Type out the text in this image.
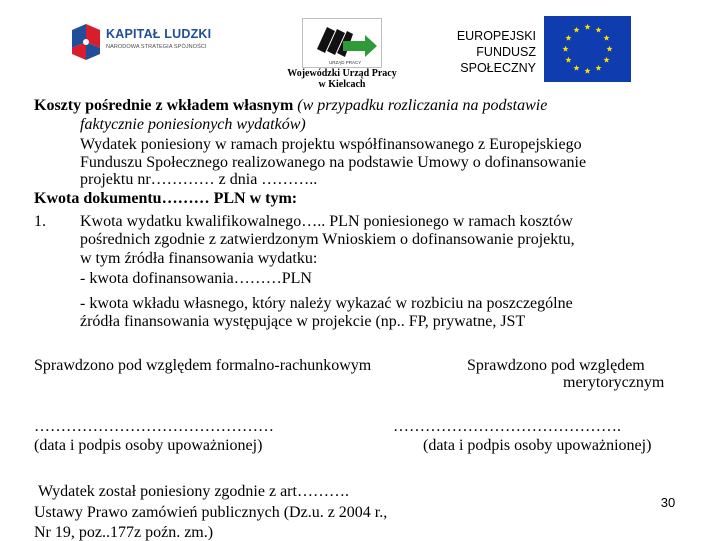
KAPITAŁ LUDZKI
NARODOWA STRATEGIA SPÓJNOŚCI
URZĄD PRACY
Wojewódzki Urząd Pracy
w Kielcach
EUROPEJSKI
FUNDUSZ
SPOŁECZNY
Koszty pośrednie z wkładem własnym (w przypadku rozliczania na podstawie
faktycznie poniesionych wydatków)
Wydatek poniesiony w ramach projektu współfinansowanego z Europejskiego
Funduszu Społecznego realizowanego na podstawie Umowy o dofinansowanie
projektu nr………… z dnia ………..
Kwota dokumentu……… PLN w tym:
1. Kwota wydatku kwalifikowalnego….. PLN poniesionego w ramach kosztów
pośrednich zgodnie z zatwierdzonym Wnioskiem o dofinansowanie projektu,
w tym źródła finansowania wydatku:
- kwota dofinansowania………PLN
- kwota wkładu własnego, który należy wykazać w rozbiciu na poszczególne
źródła finansowania występujące w projekcie (np.. FP, prywatne, JST
Sprawdzono pod względem formalno-rachunkowym	Sprawdzono pod względem
merytorycznym
………………………………………	…………………………………….
(data i podpis osoby upoważnionej)	(data i podpis osoby upoważnionej)
Wydatek został poniesiony zgodnie z art……….
Ustawy Prawo zamówień publicznych (Dz.u. z 2004 r.,
Nr 19, poz..177z poźn. zm.)
30
